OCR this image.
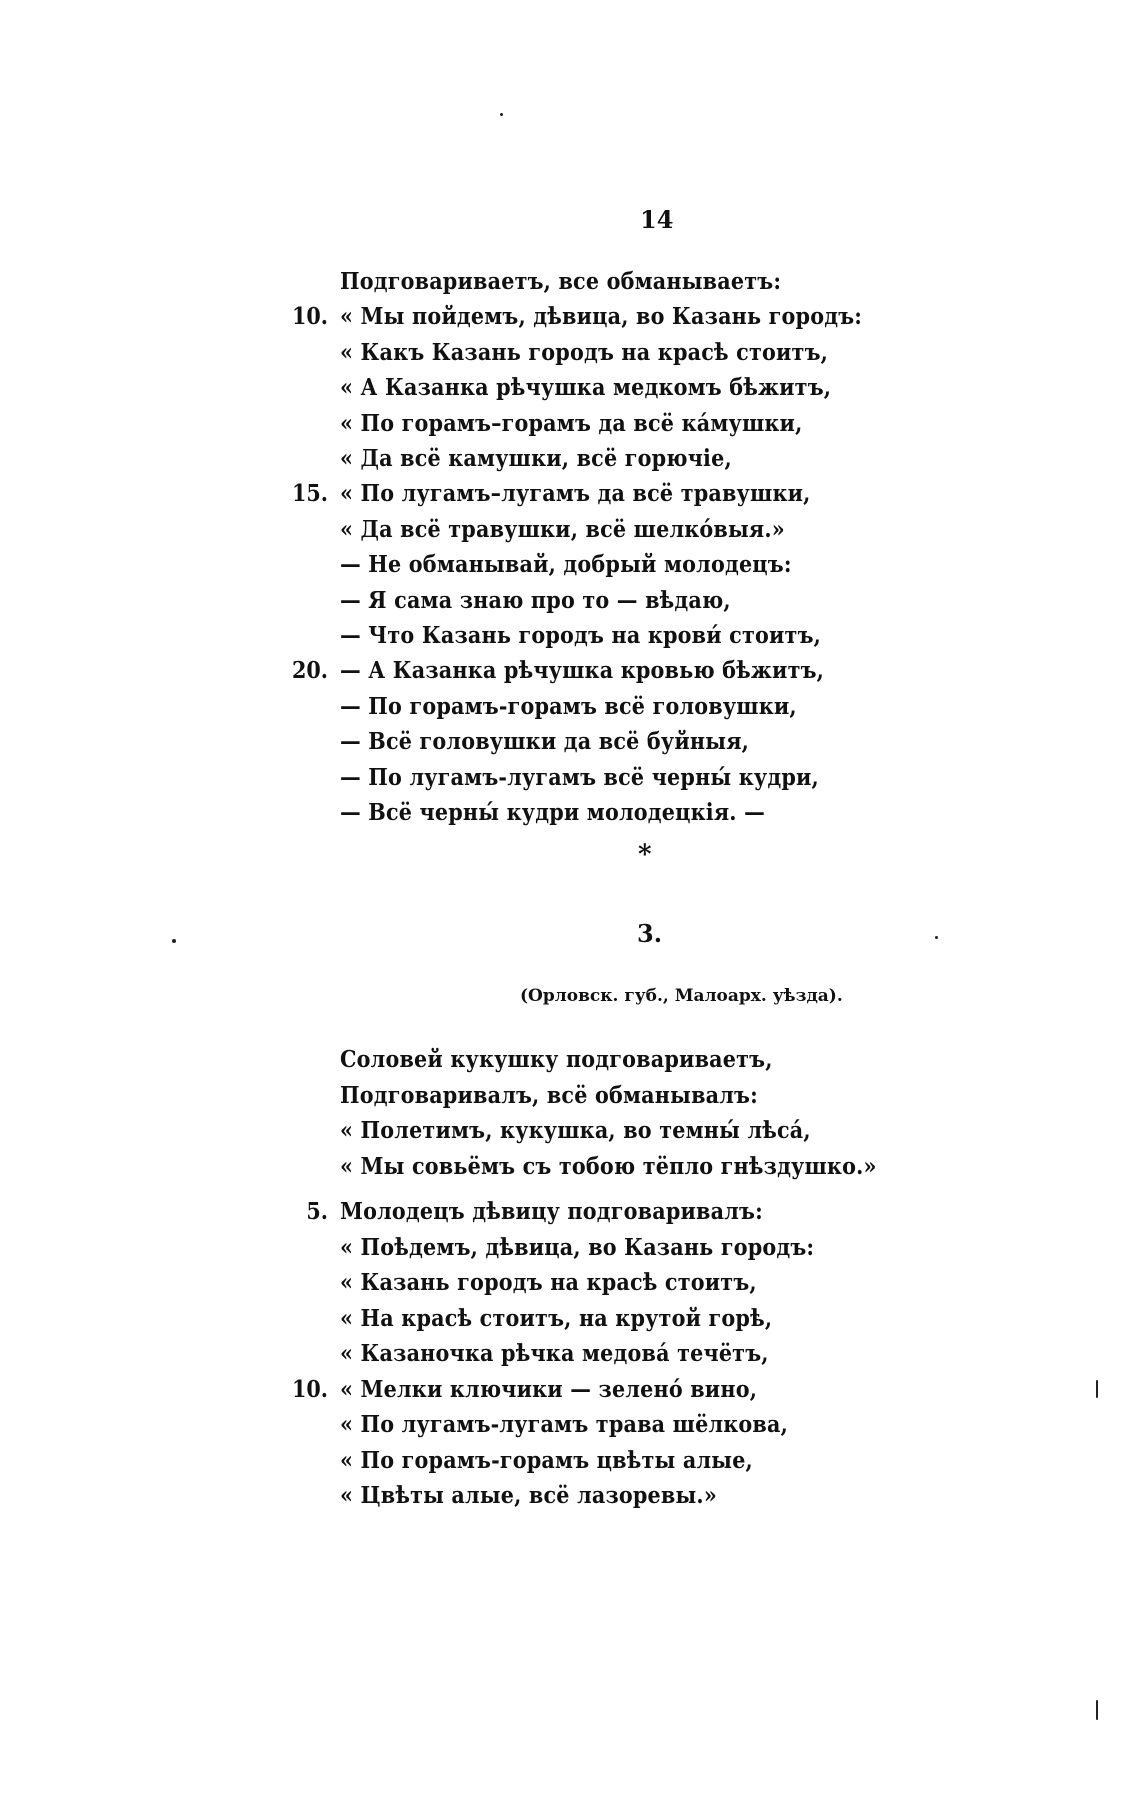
14
Подговариваетъ, все обманываетъ:
10. « Мы пойдемъ, дѣвица, во Казань городъ:
« Какъ Казань городъ на красѣ стоитъ,
« А Казанка рѣчушка медкомъ бѣжитъ,
« По горамъ–горамъ да всё кáмушки,
« Да всё камушки, всё горючіе,
15. « По лугамъ–лугамъ да всё травушки,
« Да всё травушки, всё шелкóвыя.»
— Не обманывай, добрый молодецъ:
— Я сама знаю про то — вѣдаю,
— Что Казань городъ на крови́ стоитъ,
20. — А Казанка рѣчушка кровью бѣжитъ,
— По горамъ-горамъ всё головушки,
— Всё головушки да всё буйныя,
— По лугамъ-лугамъ всё черны́ кудри,
— Всё черны́ кудри молодецкія. —
*
3.
(Орловск. губ., Малоарх. уѣзда).
Соловей кукушку подговариваетъ,
Подговаривалъ, всё обманывалъ:
« Полетимъ, кукушка, во темны́ лѣсá,
« Мы совьёмъ съ тобою тёпло гнѣздушко.»
5. Молодецъ дѣвицу подговаривалъ:
« Поѣдемъ, дѣвица, во Казань городъ:
« Казань городъ на красѣ стоитъ,
« На красѣ стоитъ, на крутой горѣ,
« Казаночка рѣчка медовá течётъ,
10. « Мелки ключики — зеленó вино,
« По лугамъ-лугамъ трава шёлкова,
« По горамъ-горамъ цвѣты алые,
« Цвѣты алые, всё лазоревы.»
